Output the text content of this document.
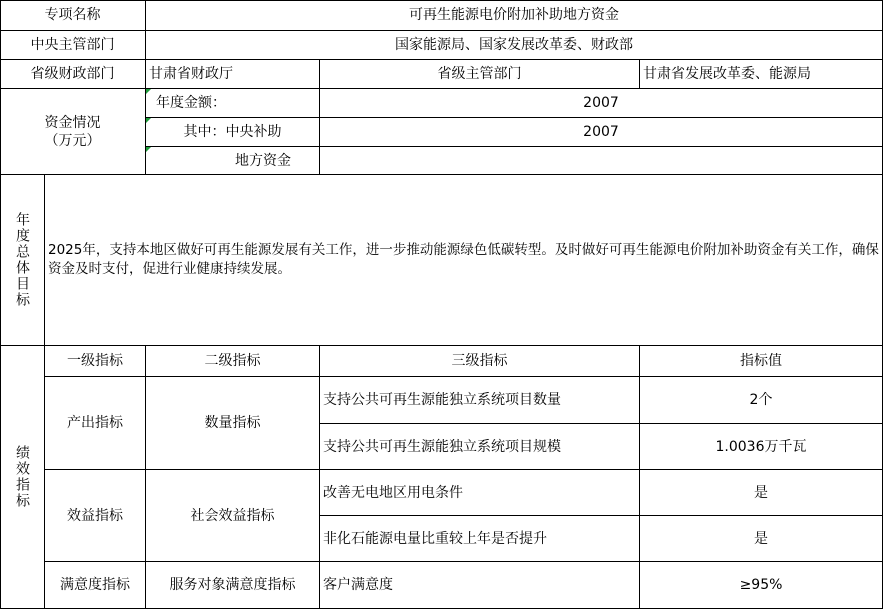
专项名称	可再生能源电价附加补助地方资金
中央主管部门	国家能源局、国家发展改革委、财政部
省级财政部门	甘肃省财政厅	省级主管部门	甘肃省发展改革委、能源局
资金情况
（万元）
年度金额：	2007
其中：中央补助	2007
地方资金
年度总体目标	2025年，支持本地区做好可再生能源发展有关工作，进一步推动能源绿色低碳转型。及时做好可再生能源电价附加补助资金有关工作，确保资金及时支付，促进行业健康持续发展。
绩效指标
一级指标	二级指标	三级指标	指标值
产出指标	数量指标
支持公共可再生源能独立系统项目数量	2个
支持公共可再生源能独立系统项目规模	1.0036万千瓦
效益指标	社会效益指标
改善无电地区用电条件	是
非化石能源电量比重较上年是否提升	是
满意度指标	服务对象满意度指标	客户满意度	≥95%
